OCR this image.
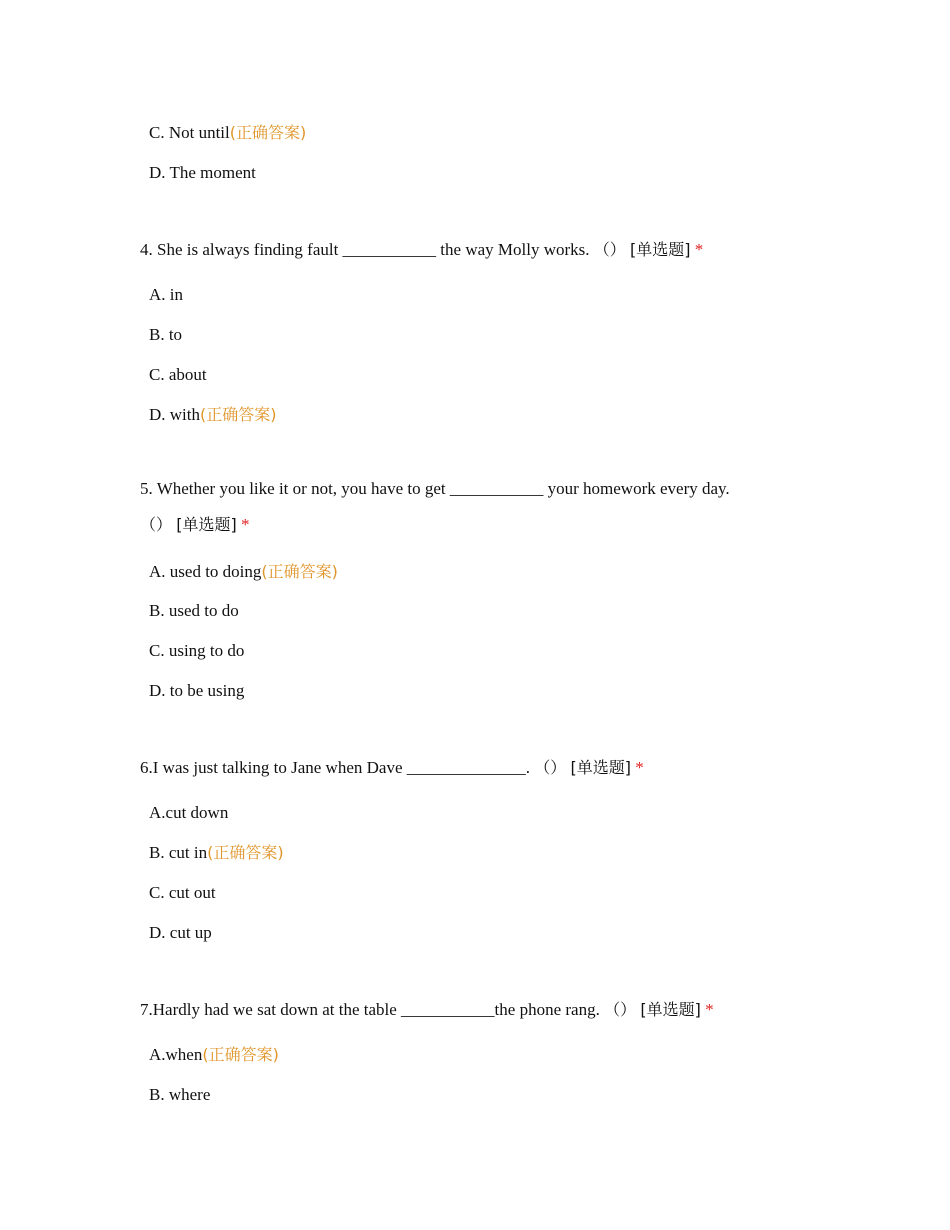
C. Not until(正确答案)
D. The moment
4. She is always finding fault ___________ the way Molly works. （） [单选题] *
A. in
B. to
C. about
D. with(正确答案)
5. Whether you like it or not, you have to get ___________ your homework every day.
（） [单选题] *
A. used to doing(正确答案)
B. used to do
C. using to do
D. to be using
6.I was just talking to Jane when Dave ______________. （） [单选题] *
A.cut down
B. cut in(正确答案)
C. cut out
D. cut up
7.Hardly had we sat down at the table ___________the phone rang. （） [单选题] *
A.when(正确答案)
B. where
